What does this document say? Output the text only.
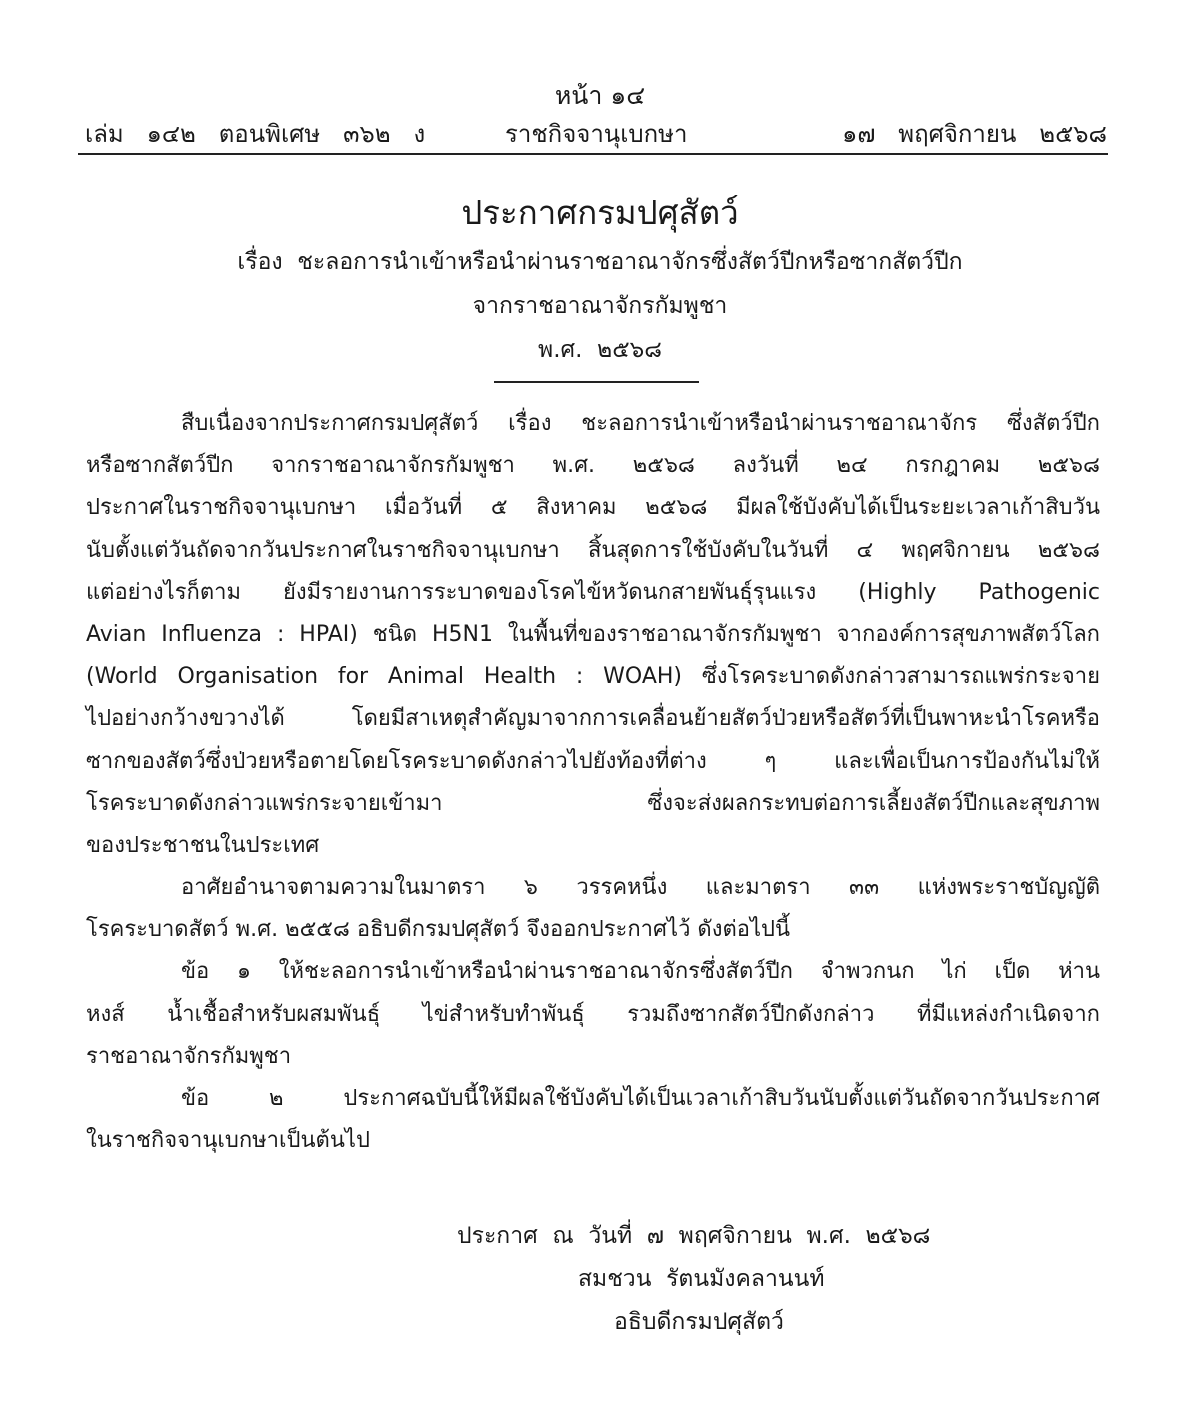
หน้า ๑๔
เล่ม   ๑๔๒   ตอนพิเศษ   ๓๖๒   ง	ราชกิจจานุเบกษา	๑๗   พฤศจิกายน   ๒๕๖๘
ประกาศกรมปศุสัตว์
เรื่อง  ชะลอการนำเข้าหรือนำผ่านราชอาณาจักรซึ่งสัตว์ปีกหรือซากสัตว์ปีก
จากราชอาณาจักรกัมพูชา
พ.ศ.  ๒๕๖๘
สืบเนื่องจากประกาศกรมปศุสัตว์ เรื่อง ชะลอการนำเข้าหรือนำผ่านราชอาณาจักร ซึ่งสัตว์ปีก
หรือซากสัตว์ปีก จากราชอาณาจักรกัมพูชา พ.ศ. ๒๕๖๘ ลงวันที่ ๒๔ กรกฎาคม ๒๕๖๘
ประกาศในราชกิจจานุเบกษา เมื่อวันที่ ๕ สิงหาคม ๒๕๖๘ มีผลใช้บังคับได้เป็นระยะเวลาเก้าสิบวัน
นับตั้งแต่วันถัดจากวันประกาศในราชกิจจานุเบกษา สิ้นสุดการใช้บังคับในวันที่ ๔ พฤศจิกายน ๒๕๖๘
แต่อย่างไรก็ตาม ยังมีรายงานการระบาดของโรคไข้หวัดนกสายพันธุ์รุนแรง (Highly Pathogenic
Avian Influenza : HPAI) ชนิด H5N1 ในพื้นที่ของราชอาณาจักรกัมพูชา จากองค์การสุขภาพสัตว์โลก
(World Organisation for Animal Health : WOAH) ซึ่งโรคระบาดดังกล่าวสามารถแพร่กระจาย
ไปอย่างกว้างขวางได้ โดยมีสาเหตุสำคัญมาจากการเคลื่อนย้ายสัตว์ป่วยหรือสัตว์ที่เป็นพาหะนำโรคหรือ
ซากของสัตว์ซึ่งป่วยหรือตายโดยโรคระบาดดังกล่าวไปยังท้องที่ต่าง ๆ และเพื่อเป็นการป้องกันไม่ให้
โรคระบาดดังกล่าวแพร่กระจายเข้ามา ซึ่งจะส่งผลกระทบต่อการเลี้ยงสัตว์ปีกและสุขภาพ
ของประชาชนในประเทศ
อาศัยอำนาจตามความในมาตรา ๖ วรรคหนึ่ง และมาตรา ๓๓ แห่งพระราชบัญญัติ
โรคระบาดสัตว์ พ.ศ. ๒๕๕๘ อธิบดีกรมปศุสัตว์ จึงออกประกาศไว้ ดังต่อไปนี้
ข้อ ๑ ให้ชะลอการนำเข้าหรือนำผ่านราชอาณาจักรซึ่งสัตว์ปีก จำพวกนก ไก่ เป็ด ห่าน
หงส์ น้ำเชื้อสำหรับผสมพันธุ์ ไข่สำหรับทำพันธุ์ รวมถึงซากสัตว์ปีกดังกล่าว ที่มีแหล่งกำเนิดจาก
ราชอาณาจักรกัมพูชา
ข้อ ๒ ประกาศฉบับนี้ให้มีผลใช้บังคับได้เป็นเวลาเก้าสิบวันนับตั้งแต่วันถัดจากวันประกาศ
ในราชกิจจานุเบกษาเป็นต้นไป
ประกาศ  ณ  วันที่  ๗  พฤศจิกายน  พ.ศ.  ๒๕๖๘
สมชวน  รัตนมังคลานนท์
อธิบดีกรมปศุสัตว์
